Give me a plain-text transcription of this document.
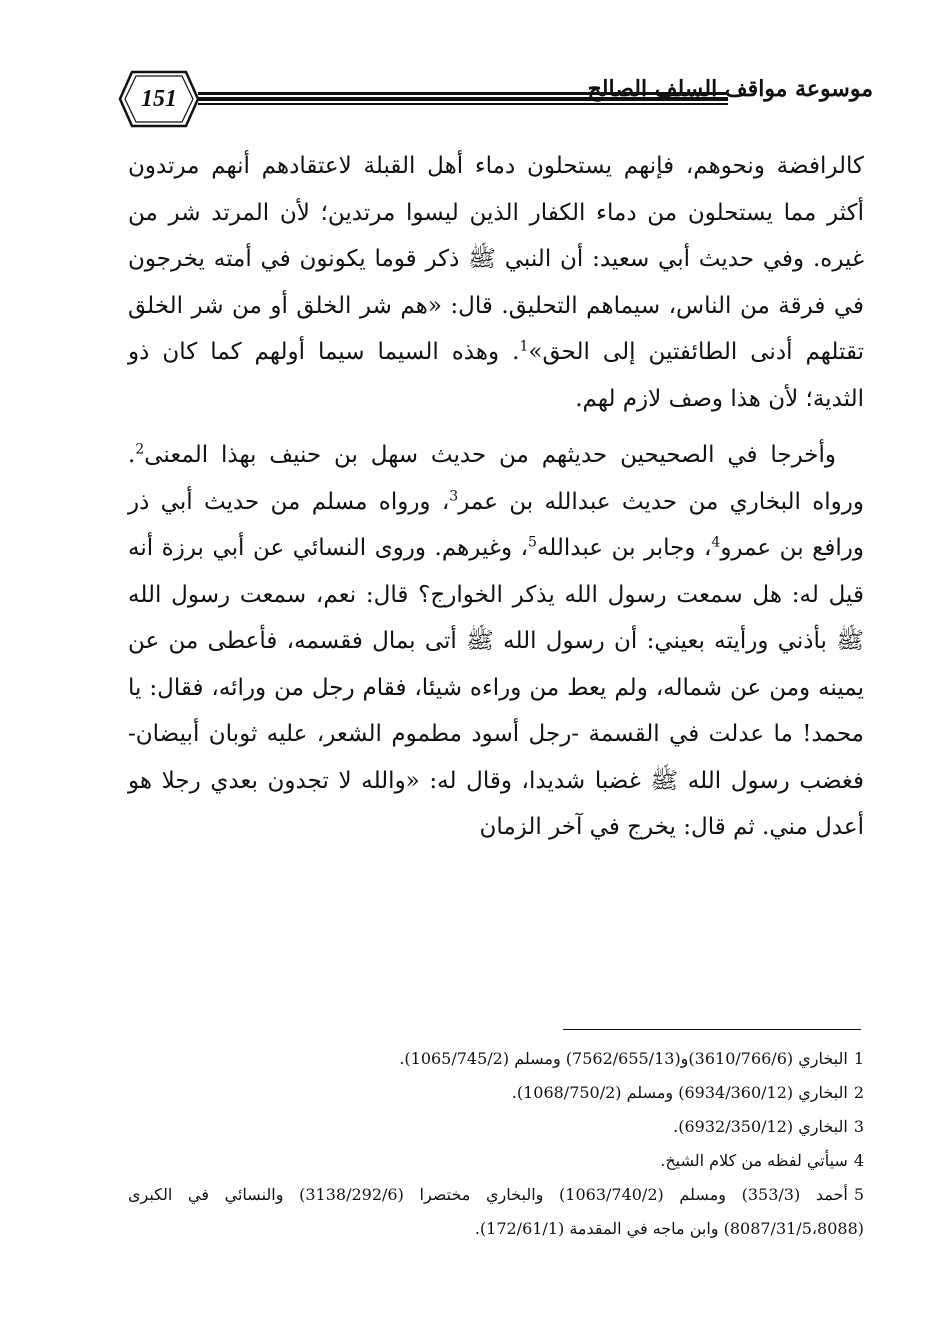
151	موسوعة مواقف السلف الصالح

كالرافضة ونحوهم، فإنهم يستحلون دماء أهل القبلة لاعتقادهم أنهم مرتدون أكثر مما يستحلون من دماء الكفار الذين ليسوا مرتدين؛ لأن المرتد شر من غيره. وفي حديث أبي سعيد: أن النبي ﷺ ذكر قوما يكونون في أمته يخرجون في فرقة من الناس، سيماهم التحليق. قال: «هم شر الخلق أو من شر الخلق تقتلهم أدنى الطائفتين إلى الحق»$^1$. وهذه السيما سيما أولهم كما كان ذو الثدية؛ لأن هذا وصف لازم لهم.

وأخرجا في الصحيحين حديثهم من حديث سهل بن حنيف بهذا المعنى$^2$. ورواه البخاري من حديث عبدالله بن عمر$^3$، ورواه مسلم من حديث أبي ذر ورافع بن عمرو$^4$، وجابر بن عبدالله$^5$، وغيرهم. وروى النسائي عن أبي برزة أنه قيل له: هل سمعت رسول الله يذكر الخوارج؟ قال: نعم، سمعت رسول الله ﷺ بأذني ورأيته بعيني: أن رسول الله ﷺ أتى بمال فقسمه، فأعطى من عن يمينه ومن عن شماله، ولم يعط من وراءه شيئا، فقام رجل من ورائه، فقال: يا محمد! ما عدلت في القسمة -رجل أسود مطموم الشعر، عليه ثوبان أبيضان- فغضب رسول الله ﷺ غضبا شديدا، وقال له: «والله لا تجدون بعدي رجلا هو أعدل مني. ثم قال: يخرج في آخر الزمان

1البخاري (3610/766/6)و(7562/655/13) ومسلم (1065/745/2).
2البخاري (6934/360/12) ومسلم (1068/750/2).
3البخاري (6932/350/12).
4سيأتي لفظه من كلام الشيخ.
5أحمد (353/3) ومسلم (1063/740/2) والبخاري مختصرا (3138/292/6) والنسائي في الكبرى (8087/31/5،8088) وابن ماجه في المقدمة (172/61/1).
